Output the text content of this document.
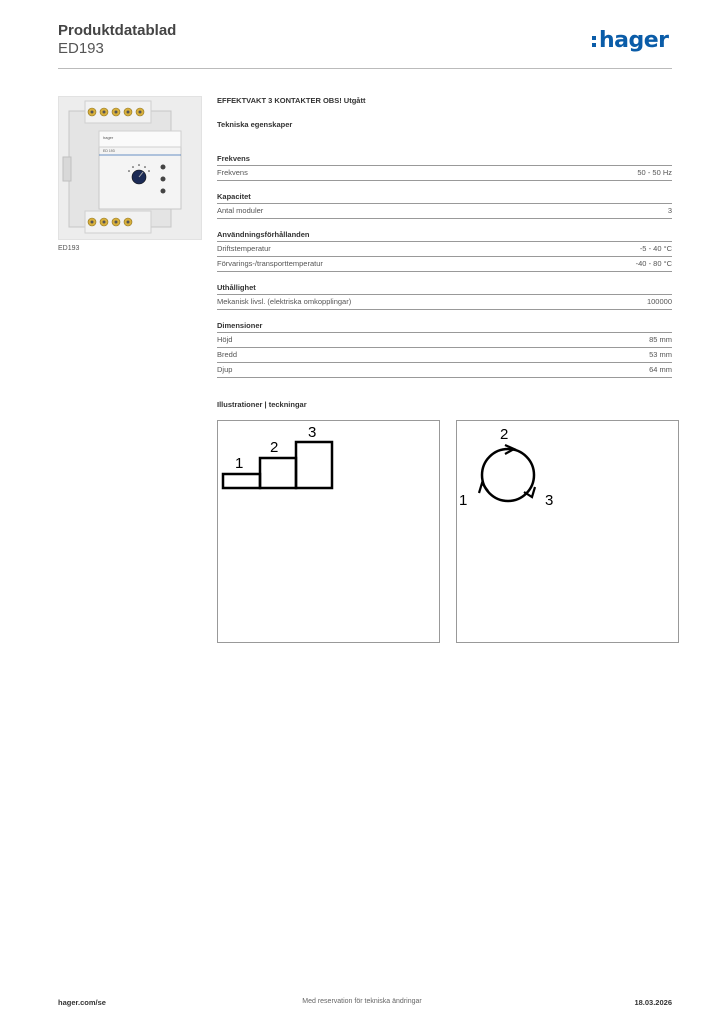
Produktdatablad
ED193	hager
hager
ED 193
ED193
EFFEKTVAKT 3 KONTAKTER OBS! Utgått
Tekniska egenskaper
Frekvens
Frekvens	50 - 50 Hz
Kapacitet
Antal moduler	3
Användningsförhållanden
Driftstemperatur	-5 - 40 °C
Förvarings-/transporttemperatur	-40 - 80 °C
Uthållighet
Mekanisk livsl. (elektriska omkopplingar)	100000
Dimensioner
Höjd	85 mm
Bredd	53 mm
Djup	64 mm
Illustrationer | teckningar
1
2
3	2
1	3
Med reservation för tekniska ändringar
hager.com/se	18.03.2026
